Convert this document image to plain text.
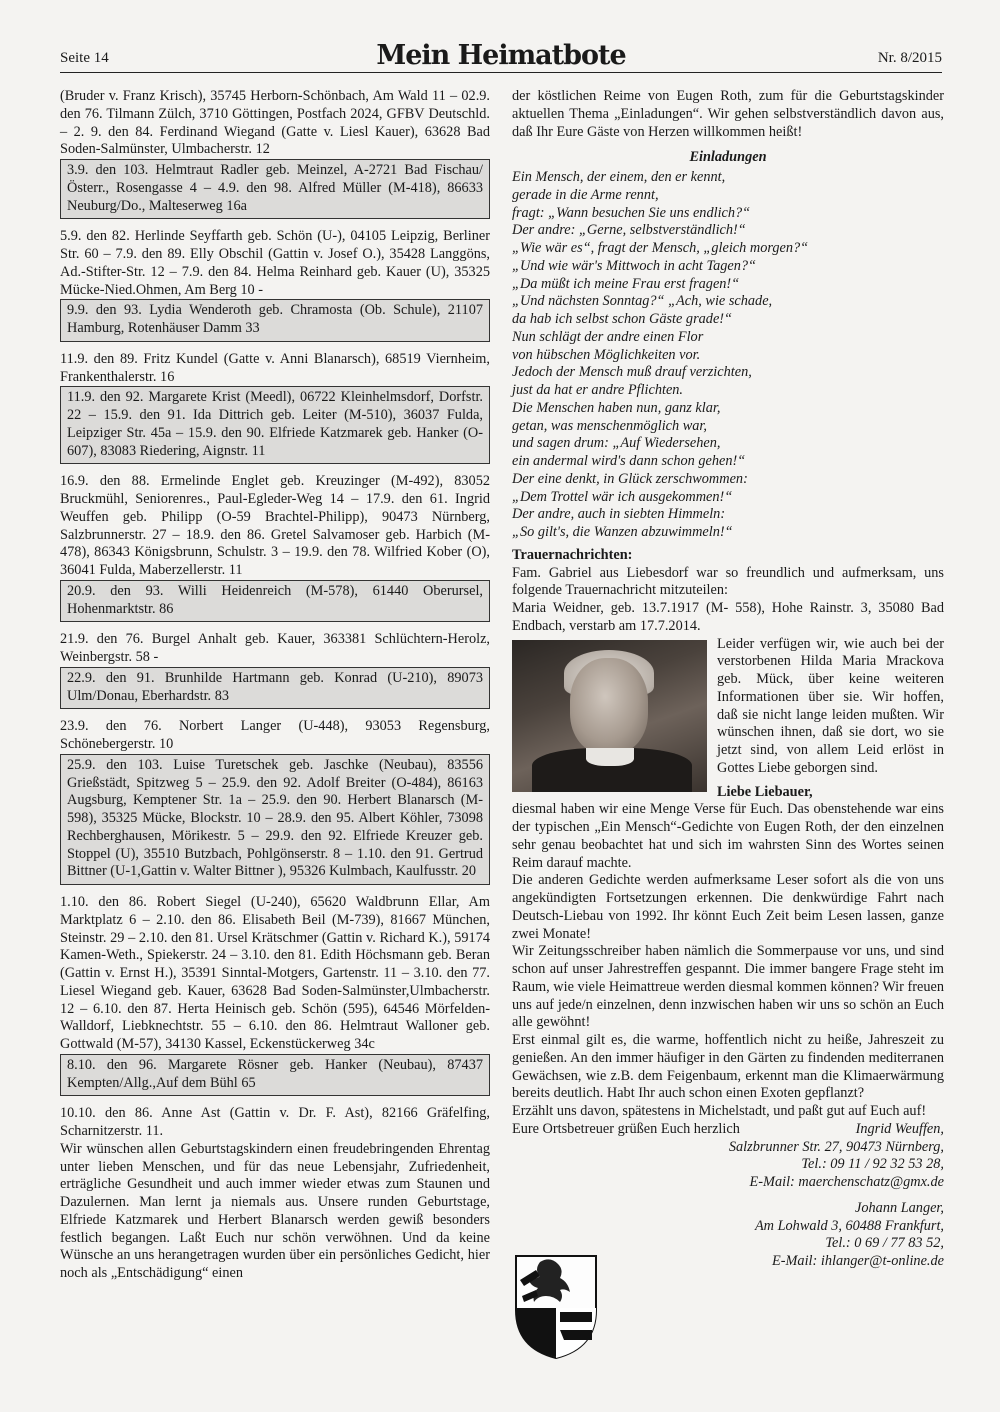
Seite 14	Mein Heimatbote	Nr. 8/2015

(Bruder v. Franz Krisch), 35745 Herborn-Schönbach, Am Wald 11 – 02.9. den 76. Tilmann Zülch, 3710 Göttingen, Postfach 2024, GFBV Deutschld. – 2. 9. den 84. Ferdinand Wiegand (Gatte v. Liesl Kauer), 63628 Bad Soden-Salmünster, Ulmbacherstr. 12

3.9. den 103. Helmtraut Radler geb. Meinzel, A-2721 Bad Fischau/Österr., Rosengasse 4 – 4.9. den 98. Alfred Müller (M-418), 86633 Neuburg/Do., Malteserweg 16a

5.9. den 82. Herlinde Seyffarth geb. Schön (U-), 04105 Leipzig, Berliner Str. 60 – 7.9. den 89. Elly Obschil (Gattin v. Josef O.), 35428 Langgöns, Ad.-Stifter-Str. 12 – 7.9. den 84. Helma Reinhard geb. Kauer (U), 35325 Mücke-Nied.Ohmen, Am Berg 10 -

9.9. den 93. Lydia Wenderoth geb. Chramosta (Ob. Schule), 21107 Hamburg, Rotenhäuser Damm 33

11.9. den 89. Fritz Kundel (Gatte v. Anni Blanarsch), 68519 Viernheim, Frankenthalerstr. 16

11.9. den 92. Margarete Krist (Meedl), 06722 Kleinhelmsdorf, Dorfstr. 22 – 15.9. den 91. Ida Dittrich geb. Leiter (M-510), 36037 Fulda, Leipziger Str. 45a – 15.9. den 90. Elfriede Katzmarek geb. Hanker (O-607), 83083 Riedering, Aignstr. 11

16.9. den 88. Ermelinde Englet geb. Kreuzinger (M-492), 83052 Bruckmühl, Seniorenres., Paul-Egleder-Weg 14 – 17.9. den 61. Ingrid Weuffen geb. Philipp (O-59 Brachtel-Philipp), 90473 Nürnberg, Salzbrunnerstr. 27 – 18.9. den 86. Gretel Salvamoser geb. Harbich (M-478), 86343 Königsbrunn, Schulstr. 3 – 19.9. den 78. Wilfried Kober (O), 36041 Fulda, Maberzellerstr. 11

20.9. den 93. Willi Heidenreich (M-578), 61440 Oberursel, Hohenmarktstr. 86

21.9. den 76. Burgel Anhalt geb. Kauer, 363381 Schlüchtern-Herolz, Weinbergstr. 58 -

22.9. den 91. Brunhilde Hartmann geb. Konrad (U-210), 89073 Ulm/Donau, Eberhardstr. 83

23.9. den 76. Norbert Langer (U-448), 93053 Regensburg, Schönebergerstr. 10

25.9. den 103. Luise Turetschek geb. Jaschke (Neubau), 83556 Grießstädt, Spitzweg 5 – 25.9. den 92. Adolf Breiter (O-484), 86163 Augsburg, Kemptener Str. 1a – 25.9. den 90. Herbert Blanarsch (M-598), 35325 Mücke, Blockstr. 10 – 28.9. den 95. Albert Köhler, 73098 Rechberghausen, Mörikestr. 5 – 29.9. den 92. Elfriede Kreuzer geb. Stoppel (U), 35510 Butzbach, Pohlgönserstr. 8 – 1.10. den 91. Gertrud Bittner (U-1,Gattin v. Walter Bittner ), 95326 Kulmbach, Kaulfusstr. 20

1.10. den 86. Robert Siegel (U-240), 65620 Waldbrunn Ellar, Am Marktplatz 6 – 2.10. den 86. Elisabeth Beil (M-739), 81667 München, Steinstr. 29 – 2.10. den 81. Ursel Krätschmer (Gattin v. Richard K.), 59174 Kamen-Weth., Spiekerstr. 24 – 3.10. den 81. Edith Höchsmann geb. Beran (Gattin v. Ernst H.), 35391 Sinntal-Motgers, Gartenstr. 11 – 3.10. den 77. Liesel Wiegand geb. Kauer, 63628 Bad Soden-Salmünster,Ulmbacherstr. 12 – 6.10. den 87. Herta Heinisch geb. Schön (595), 64546 Mörfelden-Walldorf, Liebknechtstr. 55 – 6.10. den 86. Helmtraut Walloner geb. Gottwald (M-57), 34130 Kassel, Eckenstückerweg 34c

8.10. den 96. Margarete Rösner geb. Hanker (Neubau), 87437 Kempten/Allg.,Auf dem Bühl 65

10.10. den 86. Anne Ast (Gattin v. Dr. F. Ast), 82166 Gräfelfing, Scharnitzerstr. 11.

Wir wünschen allen Geburtstagskindern einen freudebringenden Ehrentag unter lieben Menschen, und für das neue Lebensjahr, Zufriedenheit, erträgliche Gesundheit und auch immer wieder etwas zum Staunen und Dazulernen. Man lernt ja niemals aus. Unsere runden Geburtstage, Elfriede Katzmarek und Herbert Blanarsch werden gewiß besonders festlich begangen. Laßt Euch nur schön verwöhnen. Und da keine Wünsche an uns herangetragen wurden über ein persönliches Gedicht, hier noch als „Entschädigung“ einen

der köstlichen Reime von Eugen Roth, zum für die Geburtstagskinder aktuellen Thema „Einladungen“. Wir gehen selbstverständlich davon aus, daß Ihr Eure Gäste von Herzen willkommen heißt!

Einladungen
Ein Mensch, der einem, den er kennt,
gerade in die Arme rennt,
fragt: „Wann besuchen Sie uns endlich?“
Der andre: „Gerne, selbstverständlich!“
„Wie wär es“, fragt der Mensch, „gleich morgen?“
„Und wie wär's Mittwoch in acht Tagen?“
„Da müßt ich meine Frau erst fragen!“
„Und nächsten Sonntag?“ „Ach, wie schade,
da hab ich selbst schon Gäste grade!“
Nun schlägt der andre einen Flor
von hübschen Möglichkeiten vor.
Jedoch der Mensch muß drauf verzichten,
just da hat er andre Pflichten.
Die Menschen haben nun, ganz klar,
getan, was menschenmöglich war,
und sagen drum: „Auf Wiedersehen,
ein andermal wird's dann schon gehen!“
Der eine denkt, in Glück zerschwommen:
„Dem Trottel wär ich ausgekommen!“
Der andre, auch in siebten Himmeln:
„So gilt's, die Wanzen abzuwimmeln!“
Trauernachrichten:

Fam. Gabriel aus Liebesdorf war so freundlich und aufmerksam, uns folgende Trauernachricht mitzuteilen:

Maria Weidner, geb. 13.7.1917 (M- 558), Hohe Rainstr. 3, 35080 Bad Endbach, verstarb am 17.7.2014.

Leider verfügen wir, wie auch bei der verstorbenen Hilda Maria Mrackova geb. Mück, über keine weiteren Informationen über sie. Wir hoffen, daß sie nicht lange leiden mußten. Wir wünschen ihnen, daß sie dort, wo sie jetzt sind, von allem Leid erlöst in Gottes Liebe geborgen sind.

Liebe Liebauer,

diesmal haben wir eine Menge Verse für Euch. Das obenstehende war eins der typischen „Ein Mensch“-Gedichte von Eugen Roth, der den einzelnen sehr genau beobachtet hat und sich im wahrsten Sinn des Wortes seinen Reim darauf machte.

Die anderen Gedichte werden aufmerksame Leser sofort als die von uns angekündigten Fortsetzungen erkennen. Die denkwürdige Fahrt nach Deutsch-Liebau von 1992. Ihr könnt Euch Zeit beim Lesen lassen, ganze zwei Monate!

Wir Zeitungsschreiber haben nämlich die Sommerpause vor uns, und sind schon auf unser Jahrestreffen gespannt. Die immer bangere Frage steht im Raum, wie viele Heimattreue werden diesmal kommen können? Wir freuen uns auf jede/n einzelnen, denn inzwischen haben wir uns so schön an Euch alle gewöhnt!

Erst einmal gilt es, die warme, hoffentlich nicht zu heiße, Jahreszeit zu genießen. An den immer häufiger in den Gärten zu findenden mediterranen Gewächsen, wie z.B. dem Feigenbaum, erkennt man die Klimaerwärmung bereits deutlich. Habt Ihr auch schon einen Exoten gepflanzt?

Erzählt uns davon, spätestens in Michelstadt, und paßt gut auf Euch auf!

Eure Ortsbetreuer grüßen Euch herzlich	Ingrid Weuffen,
Salzbrunner Str. 27, 90473 Nürnberg,
Tel.: 09 11 / 92 32 53 28,
E-Mail: maerchenschatz@gmx.de
Johann Langer,
Am Lohwald 3, 60488 Frankfurt,
Tel.: 0 69 / 77 83 52,
E-Mail: ihlanger@t-online.de
